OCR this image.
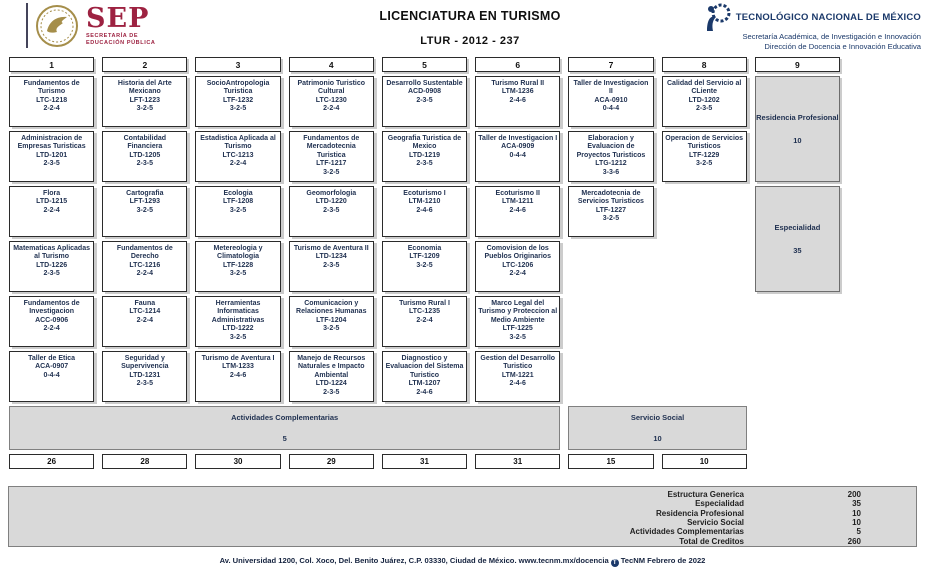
SEP
SECRETARÍA DE
EDUCACIÓN PÚBLICA
LICENCIATURA EN TURISMO
LTUR - 2012 - 237
TECNOLÓGICO NACIONAL DE MÉXICO
Secretaría Académica, de Investigación e Innovación
Dirección de Docencia e Innovación Educativa
1	2	3	4	5	6	7	8	9
Fundamentos de Turismo
LTC-1218
2-2-4
Historia del Arte Mexicano
LFT-1223
3-2-5
SocioAntropologia Turistica
LTF-1232
3-2-5
Patrimonio Turistico Cultural
LTC-1230
2-2-4
Desarrollo Sustentable
ACD-0908
2-3-5
Turismo Rural II
LTM-1236
2-4-6
Taller de Investigacion II
ACA-0910
0-4-4
Calidad del Servicio al CLiente
LTD-1202
2-3-5
Administracion de Empresas Turisticas
LTD-1201
2-3-5
Contabilidad Financiera
LTD-1205
2-3-5
Estadistica Aplicada al Turismo
LTC-1213
2-2-4
Fundamentos de Mercadotecnia Turistica
LTF-1217
3-2-5
Geografia Turistica de Mexico
LTD-1219
2-3-5
Taller de Investigacion I
ACA-0909
0-4-4
Elaboracion y Evaluacion de Proyectos Turisticos
LTG-1212
3-3-6
Operacion de Servicios Turisticos
LTF-1229
3-2-5
Flora
LTD-1215
2-2-4
Cartografia
LFT-1293
3-2-5
Ecologia
LTF-1208
3-2-5
Geomorfologia
LTD-1220
2-3-5
Ecoturismo I
LTM-1210
2-4-6
Ecoturismo II
LTM-1211
2-4-6
Mercadotecnia de Servicios Turisticos
LTF-1227
3-2-5
Matematicas Aplicadas al Turismo
LTD-1226
2-3-5
Fundamentos de Derecho
LTC-1216
2-2-4
Metereologia y Climatologia
LTF-1228
3-2-5
Turismo de Aventura II
LTD-1234
2-3-5
Economia
LTF-1209
3-2-5
Comovision de los Pueblos Originarios
LTC-1206
2-2-4
Fundamentos de Investigacion
ACC-0906
2-2-4
Fauna
LTC-1214
2-2-4
Herramientas Informaticas Administrativas
LTD-1222
3-2-5
Comunicacion y Relaciones Humanas
LTF-1204
3-2-5
Turismo Rural I
LTC-1235
2-2-4
Marco Legal del Turismo y Proteccion al Medio Ambiente
LTF-1225
3-2-5
Taller de Etica
ACA-0907
0-4-4
Seguridad y Supervivencia
LTD-1231
2-3-5
Turismo de Aventura I
LTM-1233
2-4-6
Manejo de Recursos Naturales e Impacto Ambiental
LTD-1224
2-3-5
Diagnostico y Evaluacion del Sistema Turistico
LTM-1207
2-4-6
Gestion del Desarrollo Turistico
LTM-1221
2-4-6
Residencia Profesional
10
Especialidad
35
Actividades Complementarias
5
Servicio Social
10
26	28	30	29	31	31	15	10
Estructura Generica	200
Especialidad	35
Residencia Profesional	10
Servicio Social	10
Actividades Complementarias	5
Total de Creditos	260
Av. Universidad 1200, Col. Xoco, Del. Benito Juárez, C.P. 03330, Ciudad de México. www.tecnm.mx/docencia T TecNM Febrero de 2022
